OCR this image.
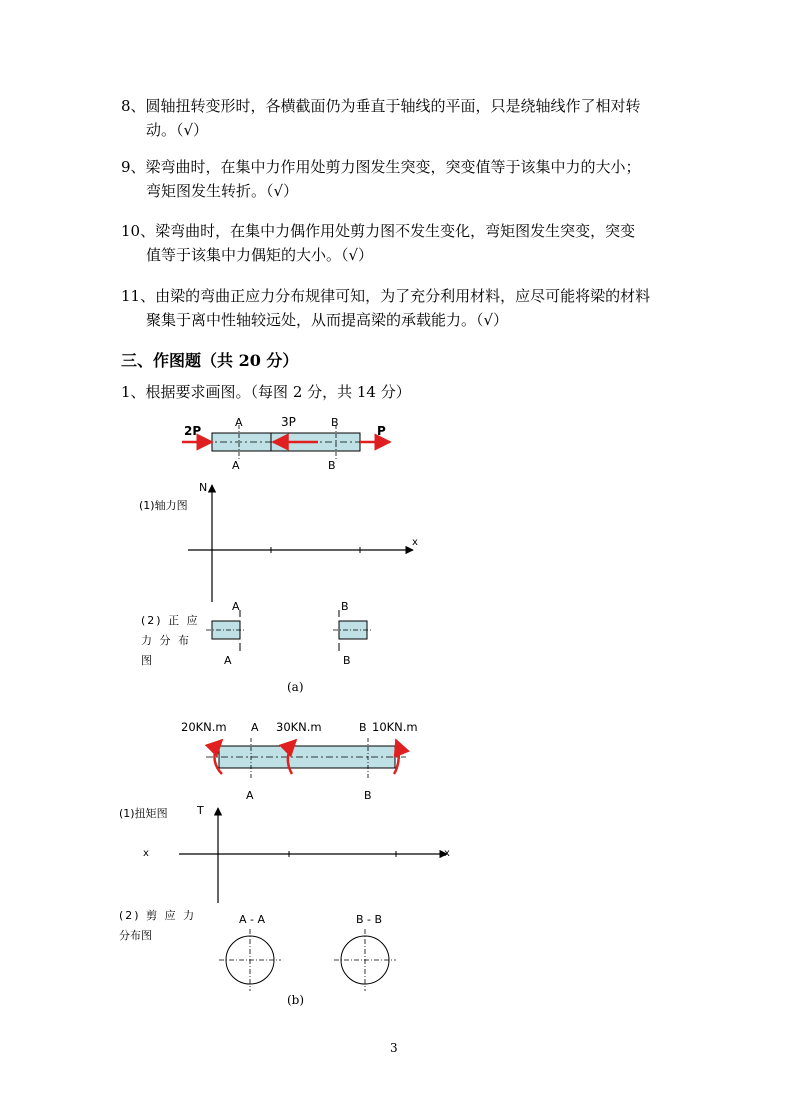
8、圆轴扭转变形时，各横截面仍为垂直于轴线的平面，只是绕轴线作了相对转
动。（√）
9、梁弯曲时，在集中力作用处剪力图发生突变，突变值等于该集中力的大小；
弯矩图发生转折。（√）
10、梁弯曲时，在集中力偶作用处剪力图不发生变化，弯矩图发生突变，突变
值等于该集中力偶矩的大小。（√）
11、由梁的弯曲正应力分布规律可知，为了充分利用材料，应尽可能将梁的材料
聚集于离中性轴较远处，从而提高梁的承载能力。（√）
三、作图题（共 20 分）
1、根据要求画图。（每图 2 分，共 14 分）
2P
3P
P
A
A
B
B
N
x
(1)轴力图
(2) 正 应
力 分 布
图
A
A
B
B
(a)
20KN.m	30KN.m	10KN.m
A	B
A	B
T
x
x
(1)扭矩图
(2) 剪 应 力
分布图
A - A	B - B
(b)
3
